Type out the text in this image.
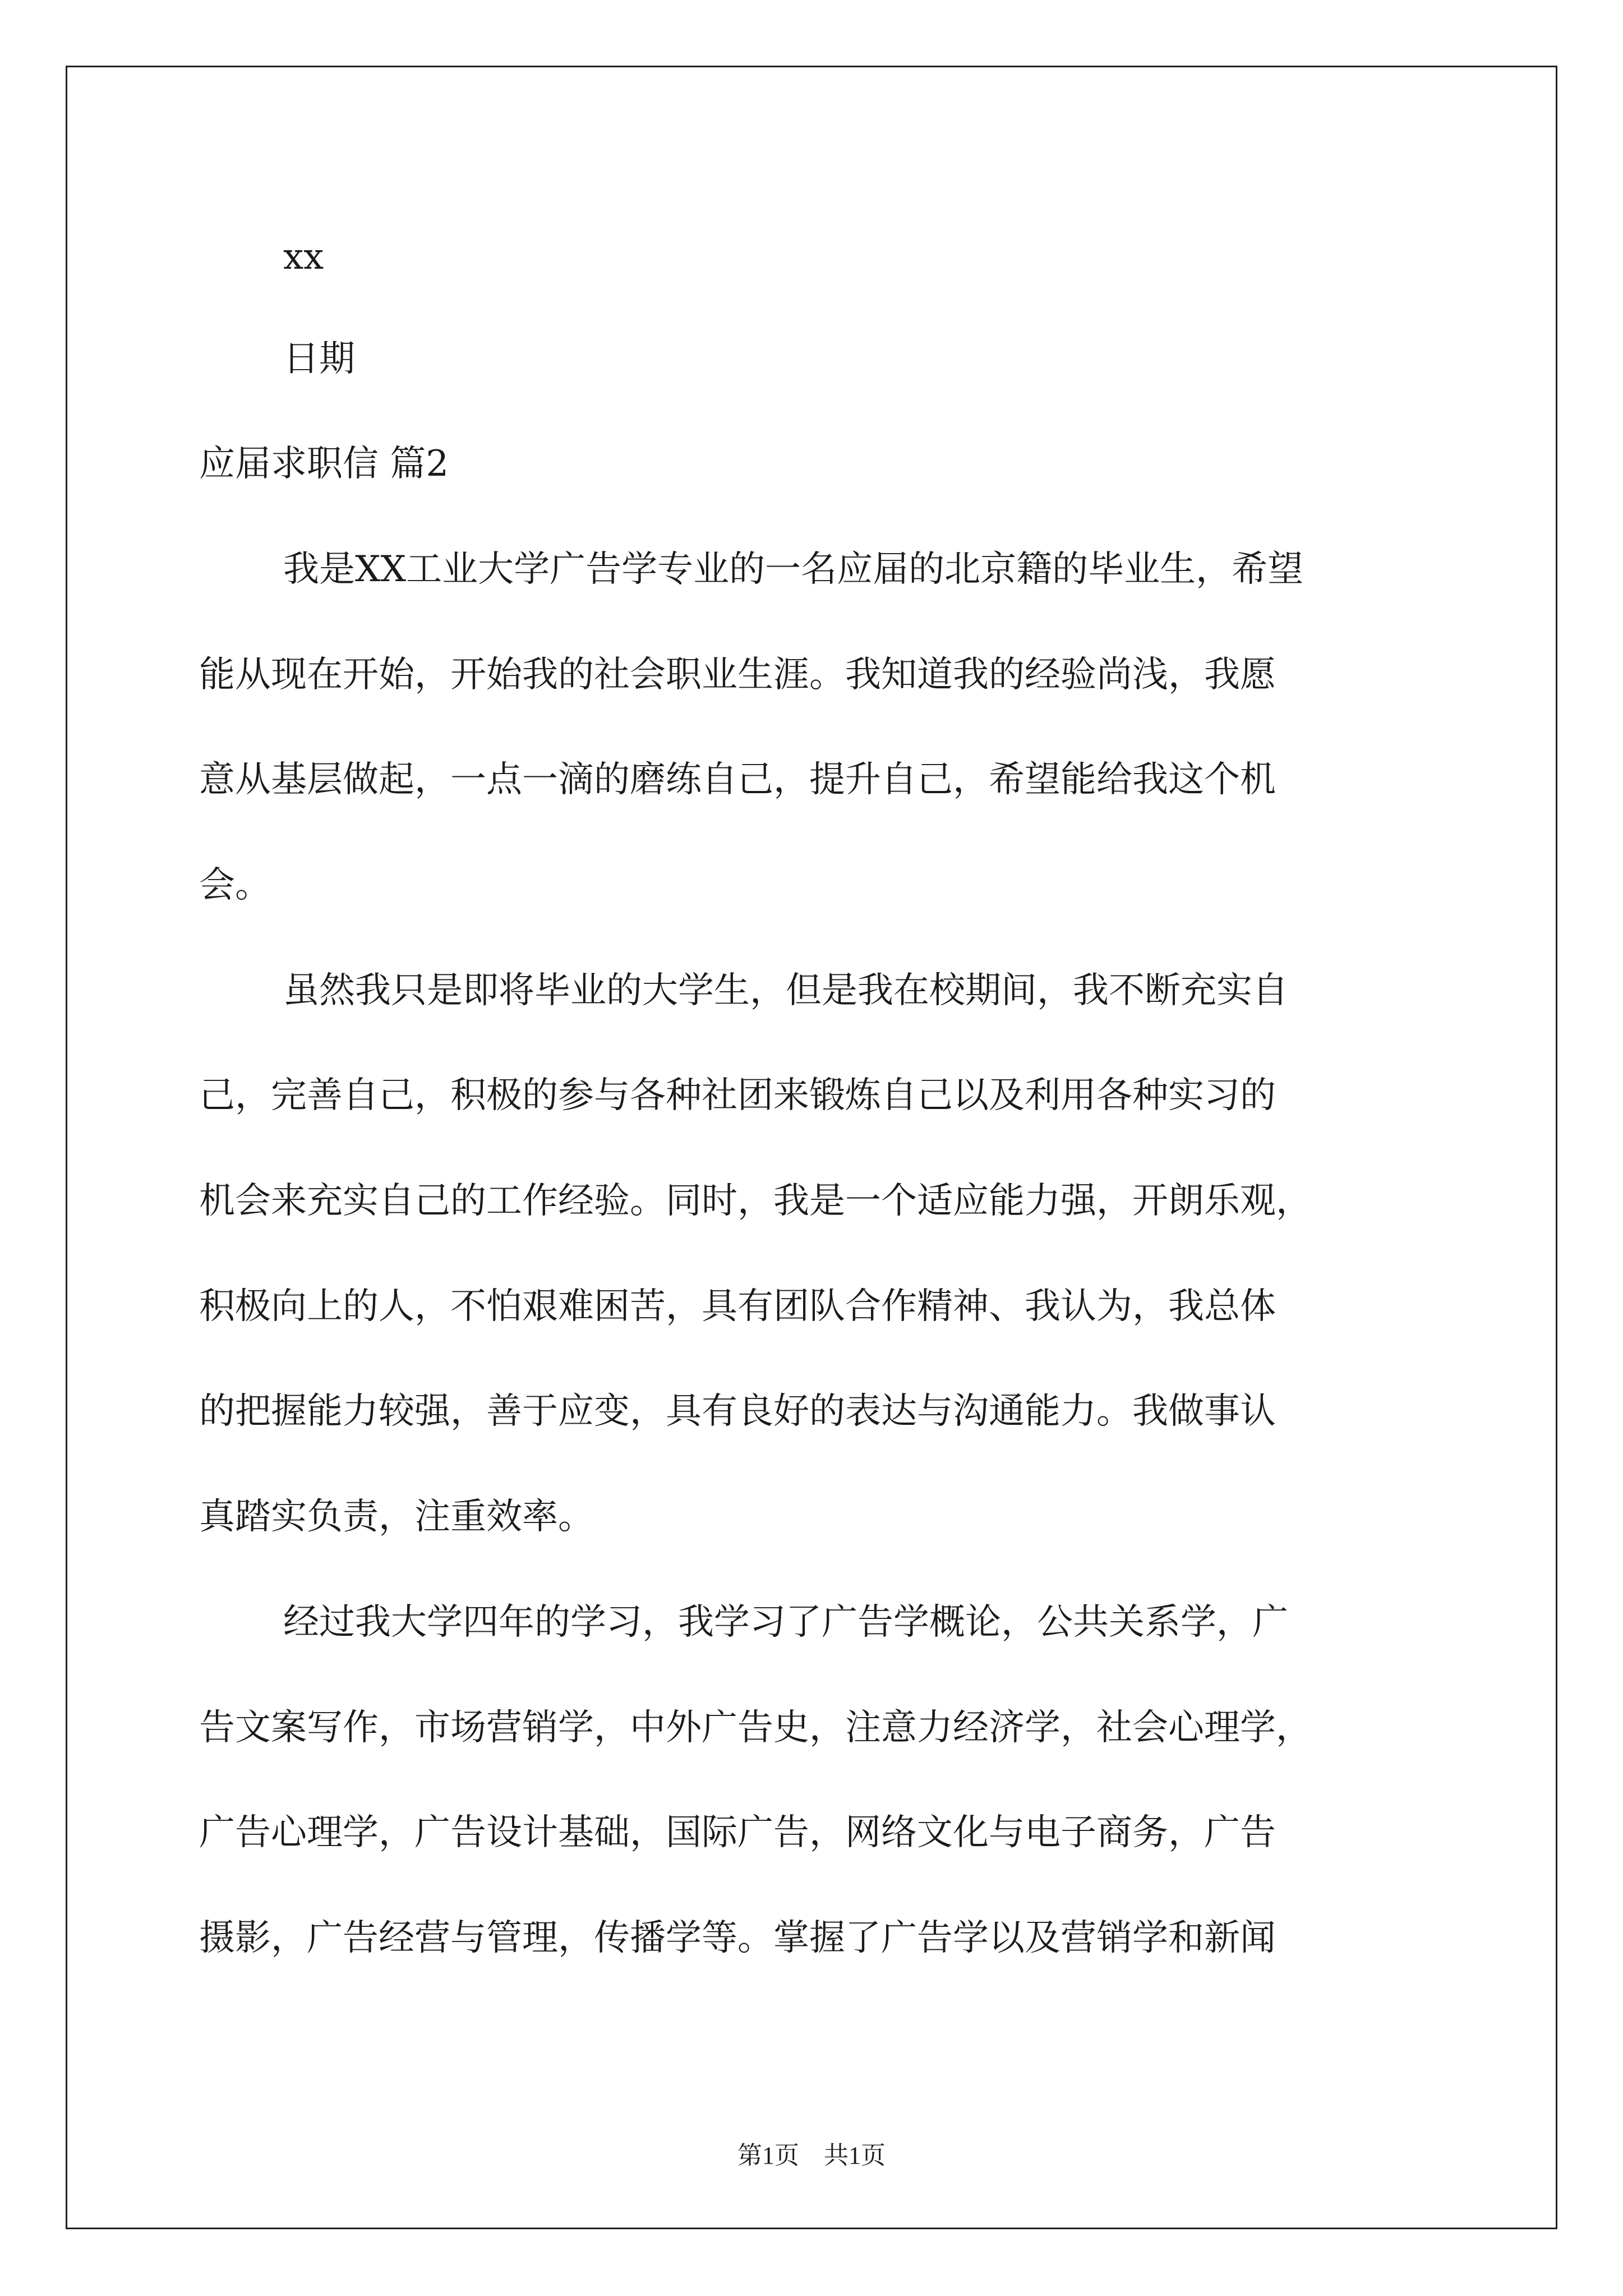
xx
日期
应届求职信 篇2
我是XX工业大学广告学专业的一名应届的北京籍的毕业生，希望
能从现在开始，开始我的社会职业生涯。我知道我的经验尚浅，我愿
意从基层做起，一点一滴的磨练自己，提升自己，希望能给我这个机
会。
虽然我只是即将毕业的大学生，但是我在校期间，我不断充实自
己，完善自己，积极的参与各种社团来锻炼自己以及利用各种实习的
机会来充实自己的工作经验。同时，我是一个适应能力强，开朗乐观，
积极向上的人，不怕艰难困苦，具有团队合作精神、我认为，我总体
的把握能力较强，善于应变，具有良好的表达与沟通能力。我做事认
真踏实负责，注重效率。
经过我大学四年的学习，我学习了广告学概论，公共关系学，广
告文案写作，市场营销学，中外广告史，注意力经济学，社会心理学，
广告心理学，广告设计基础，国际广告，网络文化与电子商务，广告
摄影，广告经营与管理，传播学等。掌握了广告学以及营销学和新闻
第1页　共1页
